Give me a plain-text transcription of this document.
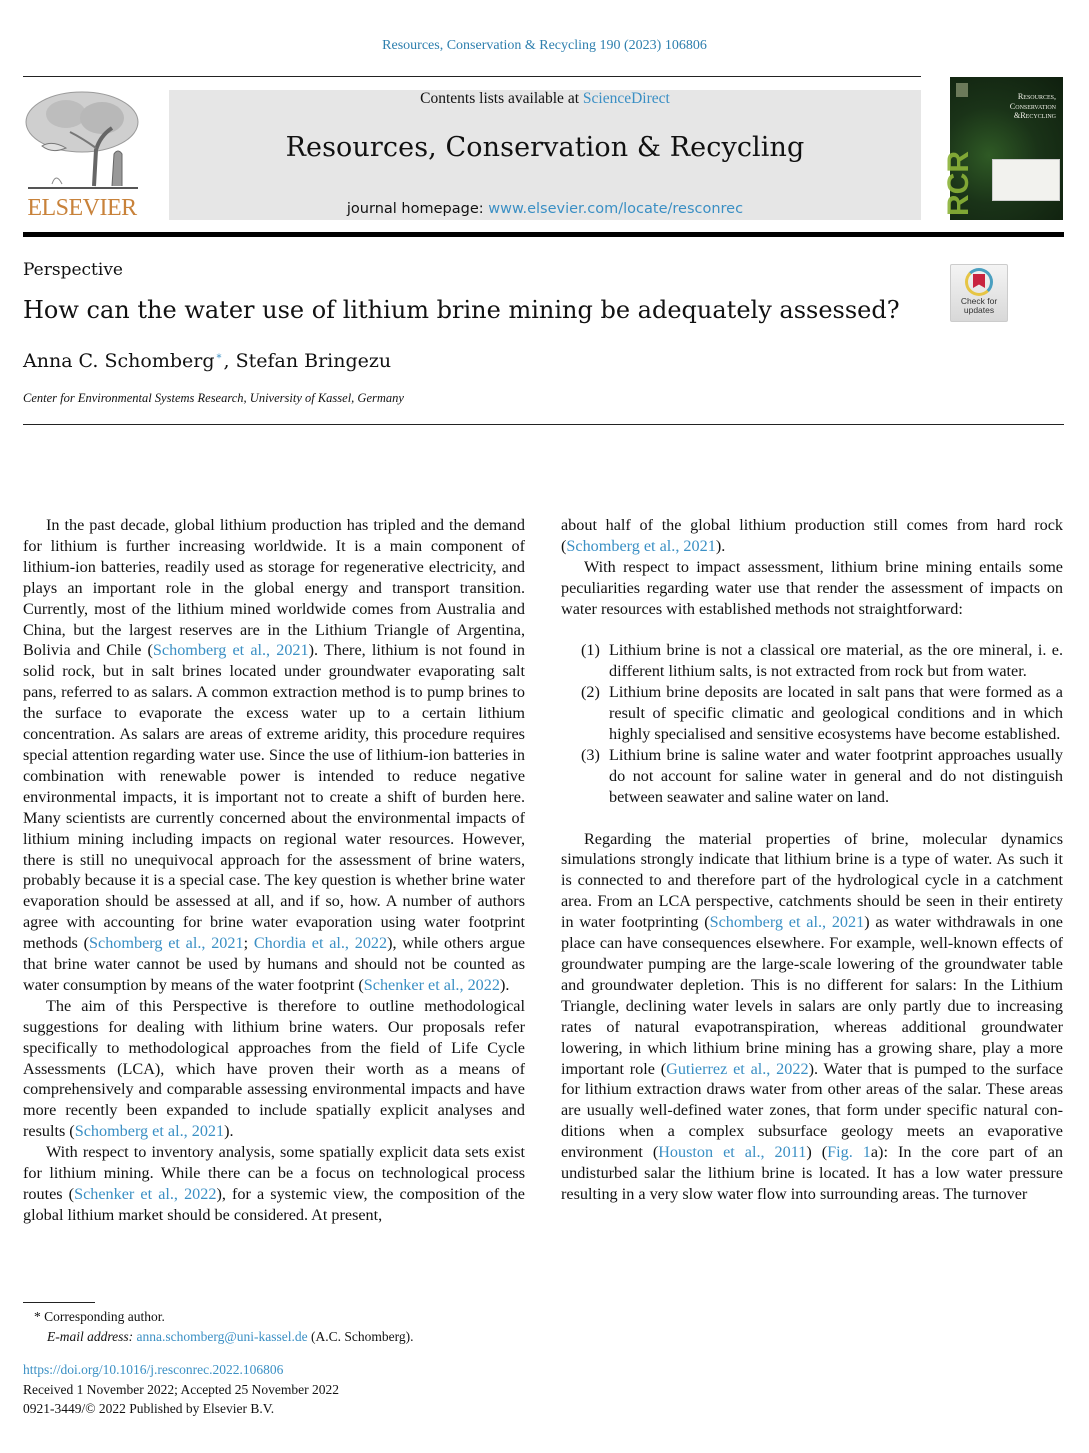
Resources, Conservation & Recycling 190 (2023) 106806
ELSEVIER
Contents lists available at ScienceDirect
Resources, Conservation & Recycling
journal homepage: www.elsevier.com/locate/resconrec
Resources,
Conservation
&Recycling
RCR
Perspective
How can the water use of lithium brine mining be adequately assessed?	Check for updates
Anna C. Schomberg * , Stefan Bringezu
Center for Environmental Systems Research, University of Kassel, Germany

In the past decade, global lithium production has tripled and the demand for lithium is further increasing worldwide. It is a main component of lithium-ion batteries, readily used as storage for regenerative electricity, and plays an important role in the global energy and transport transition. Currently, most of the lithium mined worldwide comes from Australia and China, but the largest reserves are in the Lithium Triangle of Argentina, Bolivia and Chile (Schomberg et al., 2021). There, lithium is not found in solid rock, but in salt brines located under groundwater evaporating salt pans, referred to as salars. A common extraction method is to pump brines to the surface to evaporate the excess water up to a certain lithium concentration. As salars are areas of extreme aridity, this procedure requires special attention regarding water use. Since the use of lithium-ion batteries in combination with renewable power is intended to reduce negative environmental impacts, it is important not to create a shift of burden here. Many scientists are currently concerned about the environmental impacts of lithium mining including impacts on regional water resources. However, there is still no unequivocal approach for the assessment of brine waters, probably because it is a special case. The key question is whether brine water evaporation should be assessed at all, and if so, how. A number of authors agree with accounting for brine water evaporation using water footprint methods (Schomberg et al., 2021; Chordia et al., 2022), while others argue that brine water cannot be used by humans and should not be counted as water consumption by means of the water footprint (Schenker et al., 2022).

The aim of this Perspective is therefore to outline methodological suggestions for dealing with lithium brine waters. Our proposals refer specifically to methodological approaches from the field of Life Cycle Assessments (LCA), which have proven their worth as a means of comprehensively and comparable assessing environmental impacts and have more recently been expanded to include spatially explicit analyses and results (Schomberg et al., 2021).

With respect to inventory analysis, some spatially explicit data sets exist for lithium mining. While there can be a focus on technological process routes (Schenker et al., 2022), for a systemic view, the composition of the global lithium market should be considered. At present,

about half of the global lithium production still comes from hard rock (Schomberg et al., 2021).

With respect to impact assessment, lithium brine mining entails some peculiarities regarding water use that render the assessment of impacts on water resources with established methods not straightforward:

(1) Lithium brine is not a classical ore material, as the ore mineral, i. e. different lithium salts, is not extracted from rock but from water.
(2) Lithium brine deposits are located in salt pans that were formed as a result of specific climatic and geological conditions and in which highly specialised and sensitive ecosystems have become established.
(3) Lithium brine is saline water and water footprint approaches usually do not account for saline water in general and do not distinguish between seawater and saline water on land.

Regarding the material properties of brine, molecular dynamics simulations strongly indicate that lithium brine is a type of water. As such it is connected to and therefore part of the hydrological cycle in a catchment area. From an LCA perspective, catchments should be seen in their entirety in water footprinting (Schomberg et al., 2021) as water withdrawals in one place can have consequences elsewhere. For example, well-known effects of groundwater pumping are the large-scale lowering of the groundwater table and groundwater depletion. This is no different for salars: In the Lithium Triangle, declining water levels in salars are only partly due to increasing rates of natural evapotranspiration, whereas additional groundwater lowering, in which lithium brine mining has a growing share, play a more important role (Gutierrez et al., 2022). Water that is pumped to the surface for lithium extraction draws water from other areas of the salar. These areas are usually well-defined water zones, that form under specific natural conditions when a complex subsurface geology meets an evaporative environment (Houston et al., 2011) (Fig. 1a): In the core part of an undisturbed salar the lithium brine is located. It has a low water pressure resulting in a very slow water flow into surrounding areas. The turnover

* Corresponding author.
E-mail address: anna.schomberg@uni-kassel.de (A.C. Schomberg).
https://doi.org/10.1016/j.resconrec.2022.106806
Received 1 November 2022; Accepted 25 November 2022
0921-3449/© 2022 Published by Elsevier B.V.
